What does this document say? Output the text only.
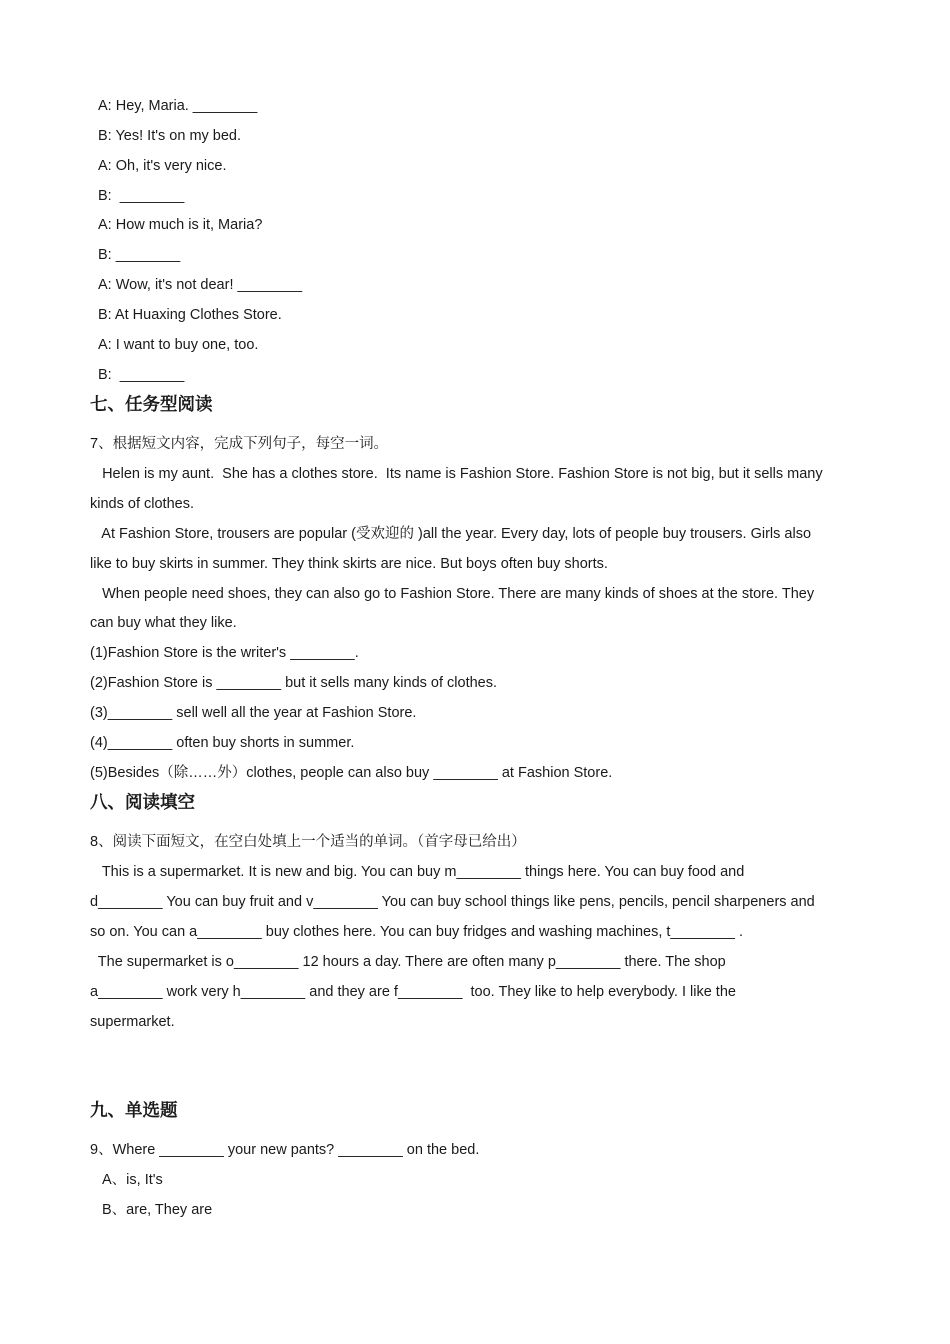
A: Hey, Maria. ________

B: Yes! It's on my bed.

A: Oh, it's very nice.

B:  ________

A: How much is it, Maria?

B: ________

A: Wow, it's not dear! ________

B: At Huaxing Clothes Store.

A: I want to buy one, too.

B:  ________

七、任务型阅读

7、根据短文内容，完成下列句子，每空一词。

Helen is my aunt.  She has a clothes store.  Its name is Fashion Store. Fashion Store is not big, but it sells many

kinds of clothes.

At Fashion Store, trousers are popular (受欢迎的 )all the year. Every day, lots of people buy trousers. Girls also

like to buy skirts in summer. They think skirts are nice. But boys often buy shorts.

When people need shoes, they can also go to Fashion Store. There are many kinds of shoes at the store. They

can buy what they like.

(1)Fashion Store is the writer's ________.

(2)Fashion Store is ________ but it sells many kinds of clothes.

(3)________ sell well all the year at Fashion Store.

(4)________ often buy shorts in summer.

(5)Besides（除……外）clothes, people can also buy ________ at Fashion Store.

八、阅读填空

8、阅读下面短文，在空白处填上一个适当的单词。（首字母已给出）

This is a supermarket. It is new and big. You can buy m________ things here. You can buy food and

d________ You can buy fruit and v________ You can buy school things like pens, pencils, pencil sharpeners and

so on. You can a________ buy clothes here. You can buy fridges and washing machines, t________ .

The supermarket is o________ 12 hours a day. There are often many p________ there. The shop

a________ work very h________ and they are f________  too. They like to help everybody. I like the

supermarket.

九、单选题

9、Where ________ your new pants? ________ on the bed.

A、is, It's

B、are, They are
